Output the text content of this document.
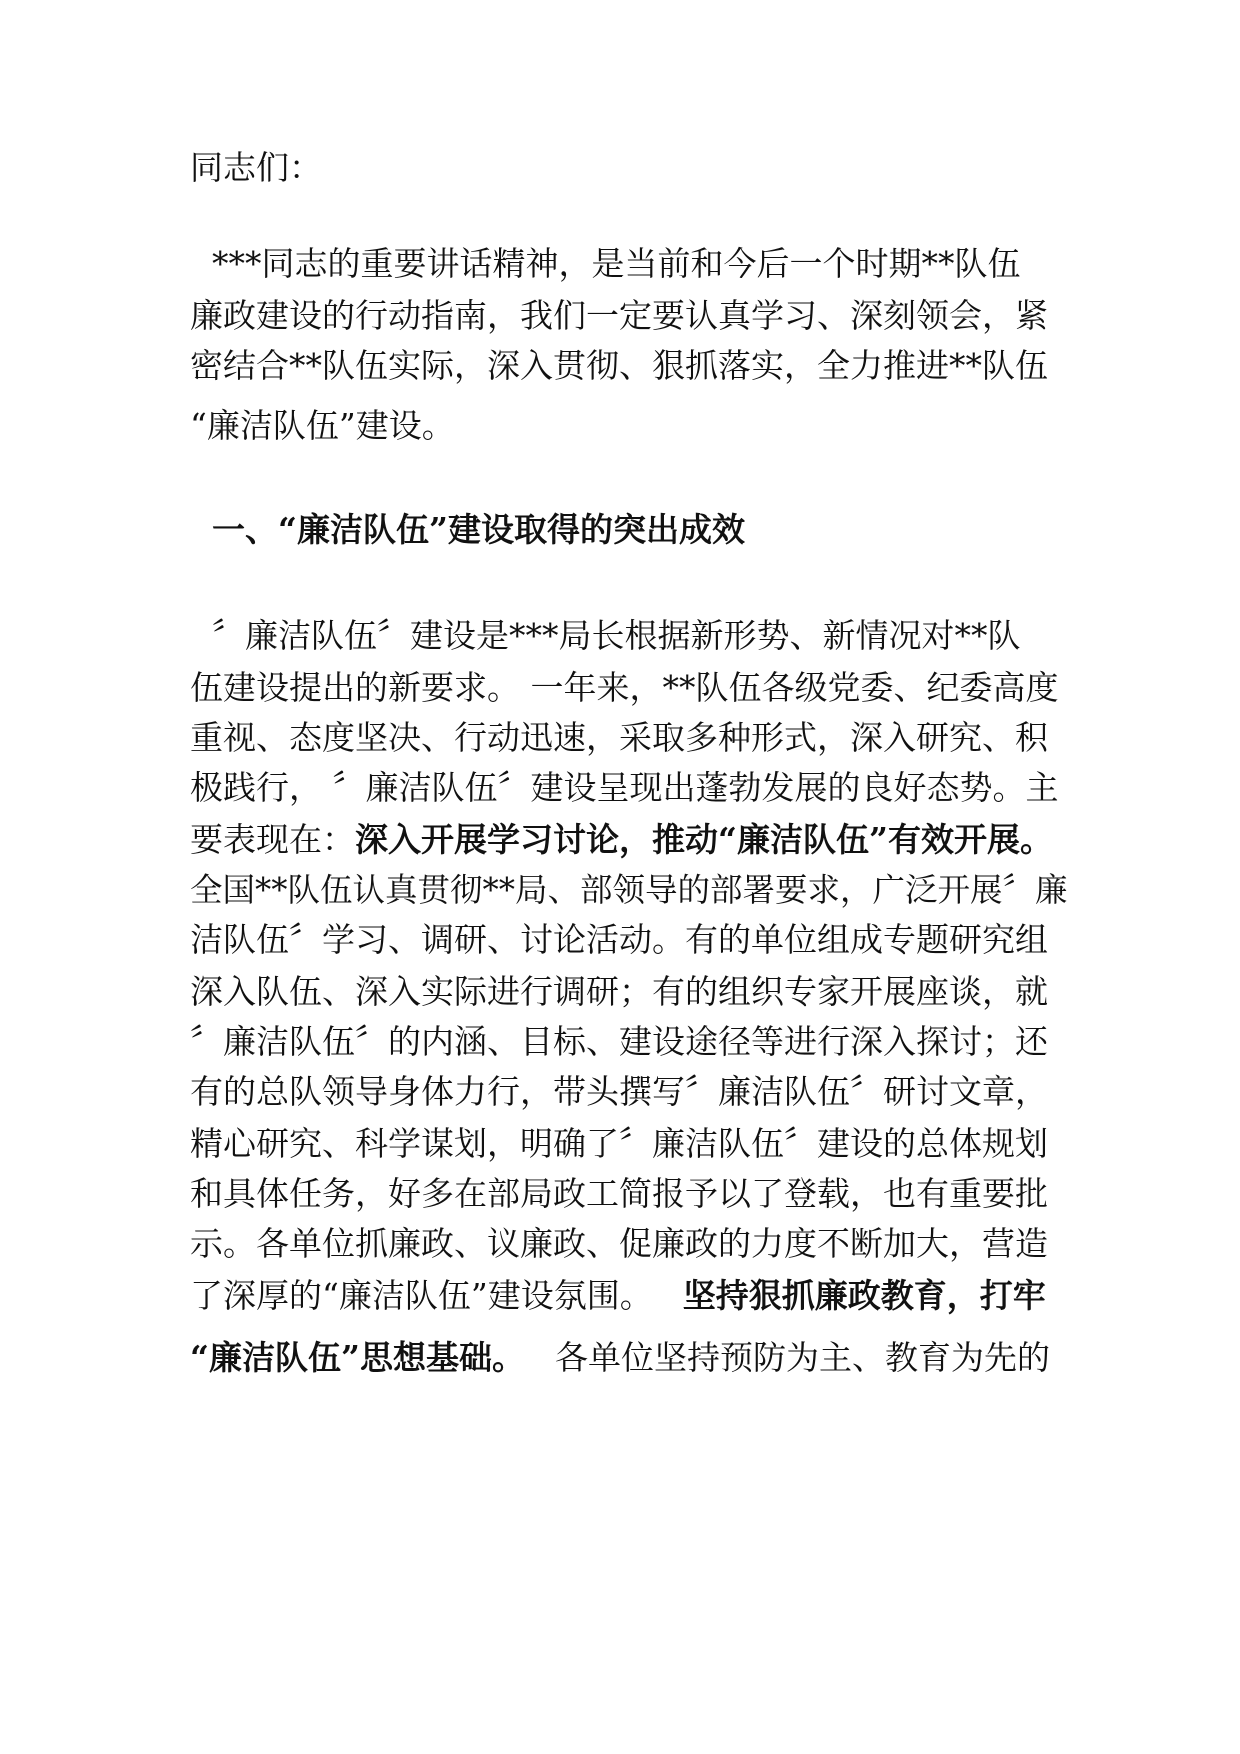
同志们：
***同志的重要讲话精神，是当前和今后一个时期**队伍
廉政建设的行动指南，我们一定要认真学习、深刻领会，紧
密结合**队伍实际，深入贯彻、狠抓落实，全力推进**队伍
“廉洁队伍”建设。
一、“廉洁队伍”建设取得的突出成效
〞廉洁队伍〞建设是***局长根据新形势、新情况对**队
伍建设提出的新要求。 一年来，**队伍各级党委、纪委高度
重视、态度坚决、行动迅速，采取多种形式，深入研究、积
极践行， 〞廉洁队伍〞建设呈现出蓬勃发展的良好态势。主
要表现在：深入开展学习讨论，推动“廉洁队伍”有效开展。
全国**队伍认真贯彻**局、部领导的部署要求，广泛开展〞廉
洁队伍〞学习、调研、讨论活动。有的单位组成专题研究组
深入队伍、深入实际进行调研；有的组织专家开展座谈，就
〞廉洁队伍〞的内涵、目标、建设途径等进行深入探讨；还
有的总队领导身体力行，带头撰写〞廉洁队伍〞研讨文章，
精心研究、科学谋划，明确了〞廉洁队伍〞建设的总体规划
和具体任务，好多在部局政工简报予以了登载，也有重要批
示。各单位抓廉政、议廉政、促廉政的力度不断加大，营造
了深厚的“廉洁队伍”建设氛围。 坚持狠抓廉政教育，打牢
“廉洁队伍”思想基础。 各单位坚持预防为主、教育为先的
